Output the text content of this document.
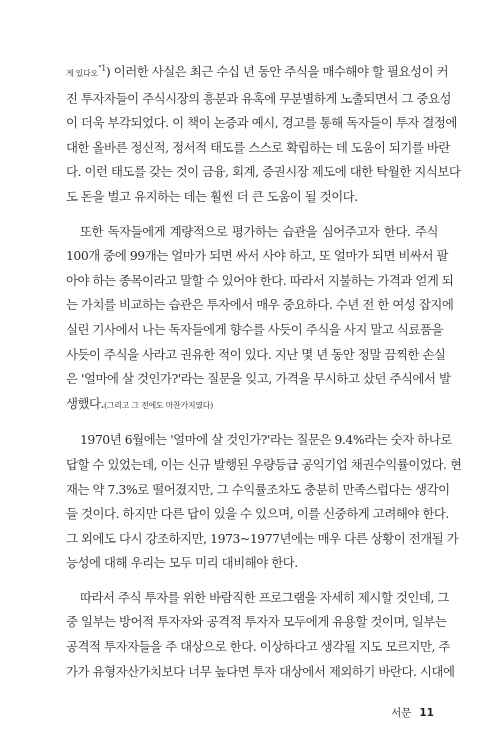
게 있다오$^{"1}$) 이러한 사실은 최근 수십 년 동안 주식을 매수해야 할 필요성이 커
진 투자자들이 주식시장의 흥분과 유혹에 무분별하게 노출되면서 그 중요성
이 더욱 부각되었다. 이 책이 논증과 예시, 경고를 통해 독자들이 투자 결정에
대한 올바른 정신적, 정서적 태도를 스스로 확립하는 데 도움이 되기를 바란
다. 이런 태도를 갖는 것이 금융, 회계, 증권시장 제도에 대한 탁월한 지식보다
도 돈을 벌고 유지하는 데는 훨씬 더 큰 도움이 될 것이다.
또한 독자들에게 계량적으로 평가하는 습관을 심어주고자 한다. 주식
100개 중에 99개는 얼마가 되면 싸서 사야 하고, 또 얼마가 되면 비싸서 팔
아야 하는 종목이라고 말할 수 있어야 한다. 따라서 지불하는 가격과 얻게 되
는 가치를 비교하는 습관은 투자에서 매우 중요하다. 수년 전 한 여성 잡지에
실린 기사에서 나는 독자들에게 향수를 사듯이 주식을 사지 말고 식료품을
사듯이 주식을 사라고 권유한 적이 있다. 지난 몇 년 동안 정말 끔찍한 손실
은 '얼마에 살 것인가?'라는 질문을 잊고, 가격을 무시하고 샀던 주식에서 발
생했다.(그리고 그 전에도 마찬가지였다)
1970년 6월에는 '얼마에 살 것인가?'라는 질문은 9.4%라는 숫자 하나로
답할 수 있었는데, 이는 신규 발행된 우량등급 공익기업 채권수익률이었다. 현
재는 약 7.3%로 떨어졌지만, 그 수익률조차도 충분히 만족스럽다는 생각이
들 것이다. 하지만 다른 답이 있을 수 있으며, 이를 신중하게 고려해야 한다.
그 외에도 다시 강조하지만, 1973~1977년에는 매우 다른 상황이 전개될 가
능성에 대해 우리는 모두 미리 대비해야 한다.
따라서 주식 투자를 위한 바람직한 프로그램을 자세히 제시할 것인데, 그
중 일부는 방어적 투자자와 공격적 투자자 모두에게 유용할 것이며, 일부는
공격적 투자자들을 주 대상으로 한다. 이상하다고 생각될 지도 모르지만, 주
가가 유형자산가치보다 너무 높다면 투자 대상에서 제외하기 바란다. 시대에
서문 11
